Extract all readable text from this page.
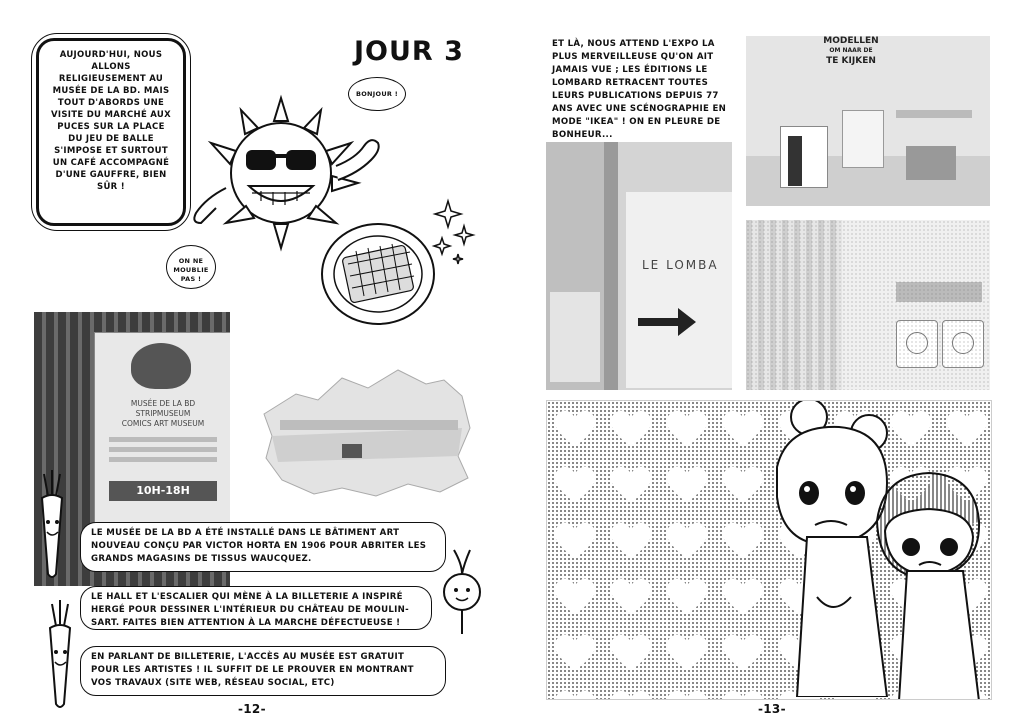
AUJOURD'HUI, NOUS ALLONS RELIGIEUSEMENT AU MUSÉE DE LA BD. MAIS TOUT D'ABORDS UNE VISITE DU MARCHÉ AUX PUCES SUR LA PLACE DU JEU DE BALLE S'IMPOSE ET SURTOUT UN CAFÉ ACCOMPAGNÉ D'UNE GAUFFRE, BIEN SÛR !
JOUR 3
BONJOUR !
ON NE MOUBLIE PAS !
MUSÉE DE LA BD
STRIPMUSEUM
COMICS ART MUSEUM
10H-18H
LE MUSÉE DE LA BD A ÉTÉ INSTALLÉ DANS LE BÂTIMENT ART NOUVEAU CONÇU PAR VICTOR HORTA EN 1906 POUR ABRITER LES GRANDS MAGASINS DE TISSUS WAUCQUEZ.
LE HALL ET L'ESCALIER QUI MÈNE À LA BILLETERIE A INSPIRÉ HERGÉ POUR DESSINER L'INTÉRIEUR DU CHÂTEAU DE MOULIN-SART. FAITES BIEN ATTENTION À LA MARCHE DÉFECTUEUSE !
EN PARLANT DE BILLETERIE, L'ACCÈS AU MUSÉE EST GRATUIT POUR LES ARTISTES ! IL SUFFIT DE LE PROUVER EN MONTRANT VOS TRAVAUX (SITE WEB, RÉSEAU SOCIAL, ETC)
-12-
ET LÀ, NOUS ATTEND L'EXPO LA PLUS MERVEILLEUSE QU'ON AIT JAMAIS VUE ; LES ÉDITIONS LE LOMBARD RETRACENT TOUTES LEURS PUBLICATIONS DEPUIS 77 ANS AVEC UNE SCÉNOGRAPHIE EN MODE "IKEA" ! ON EN PLEURE DE BONHEUR...
MODELLEN
OM NAAR DE
TE KIJKEN
LE LOMBA
-13-
